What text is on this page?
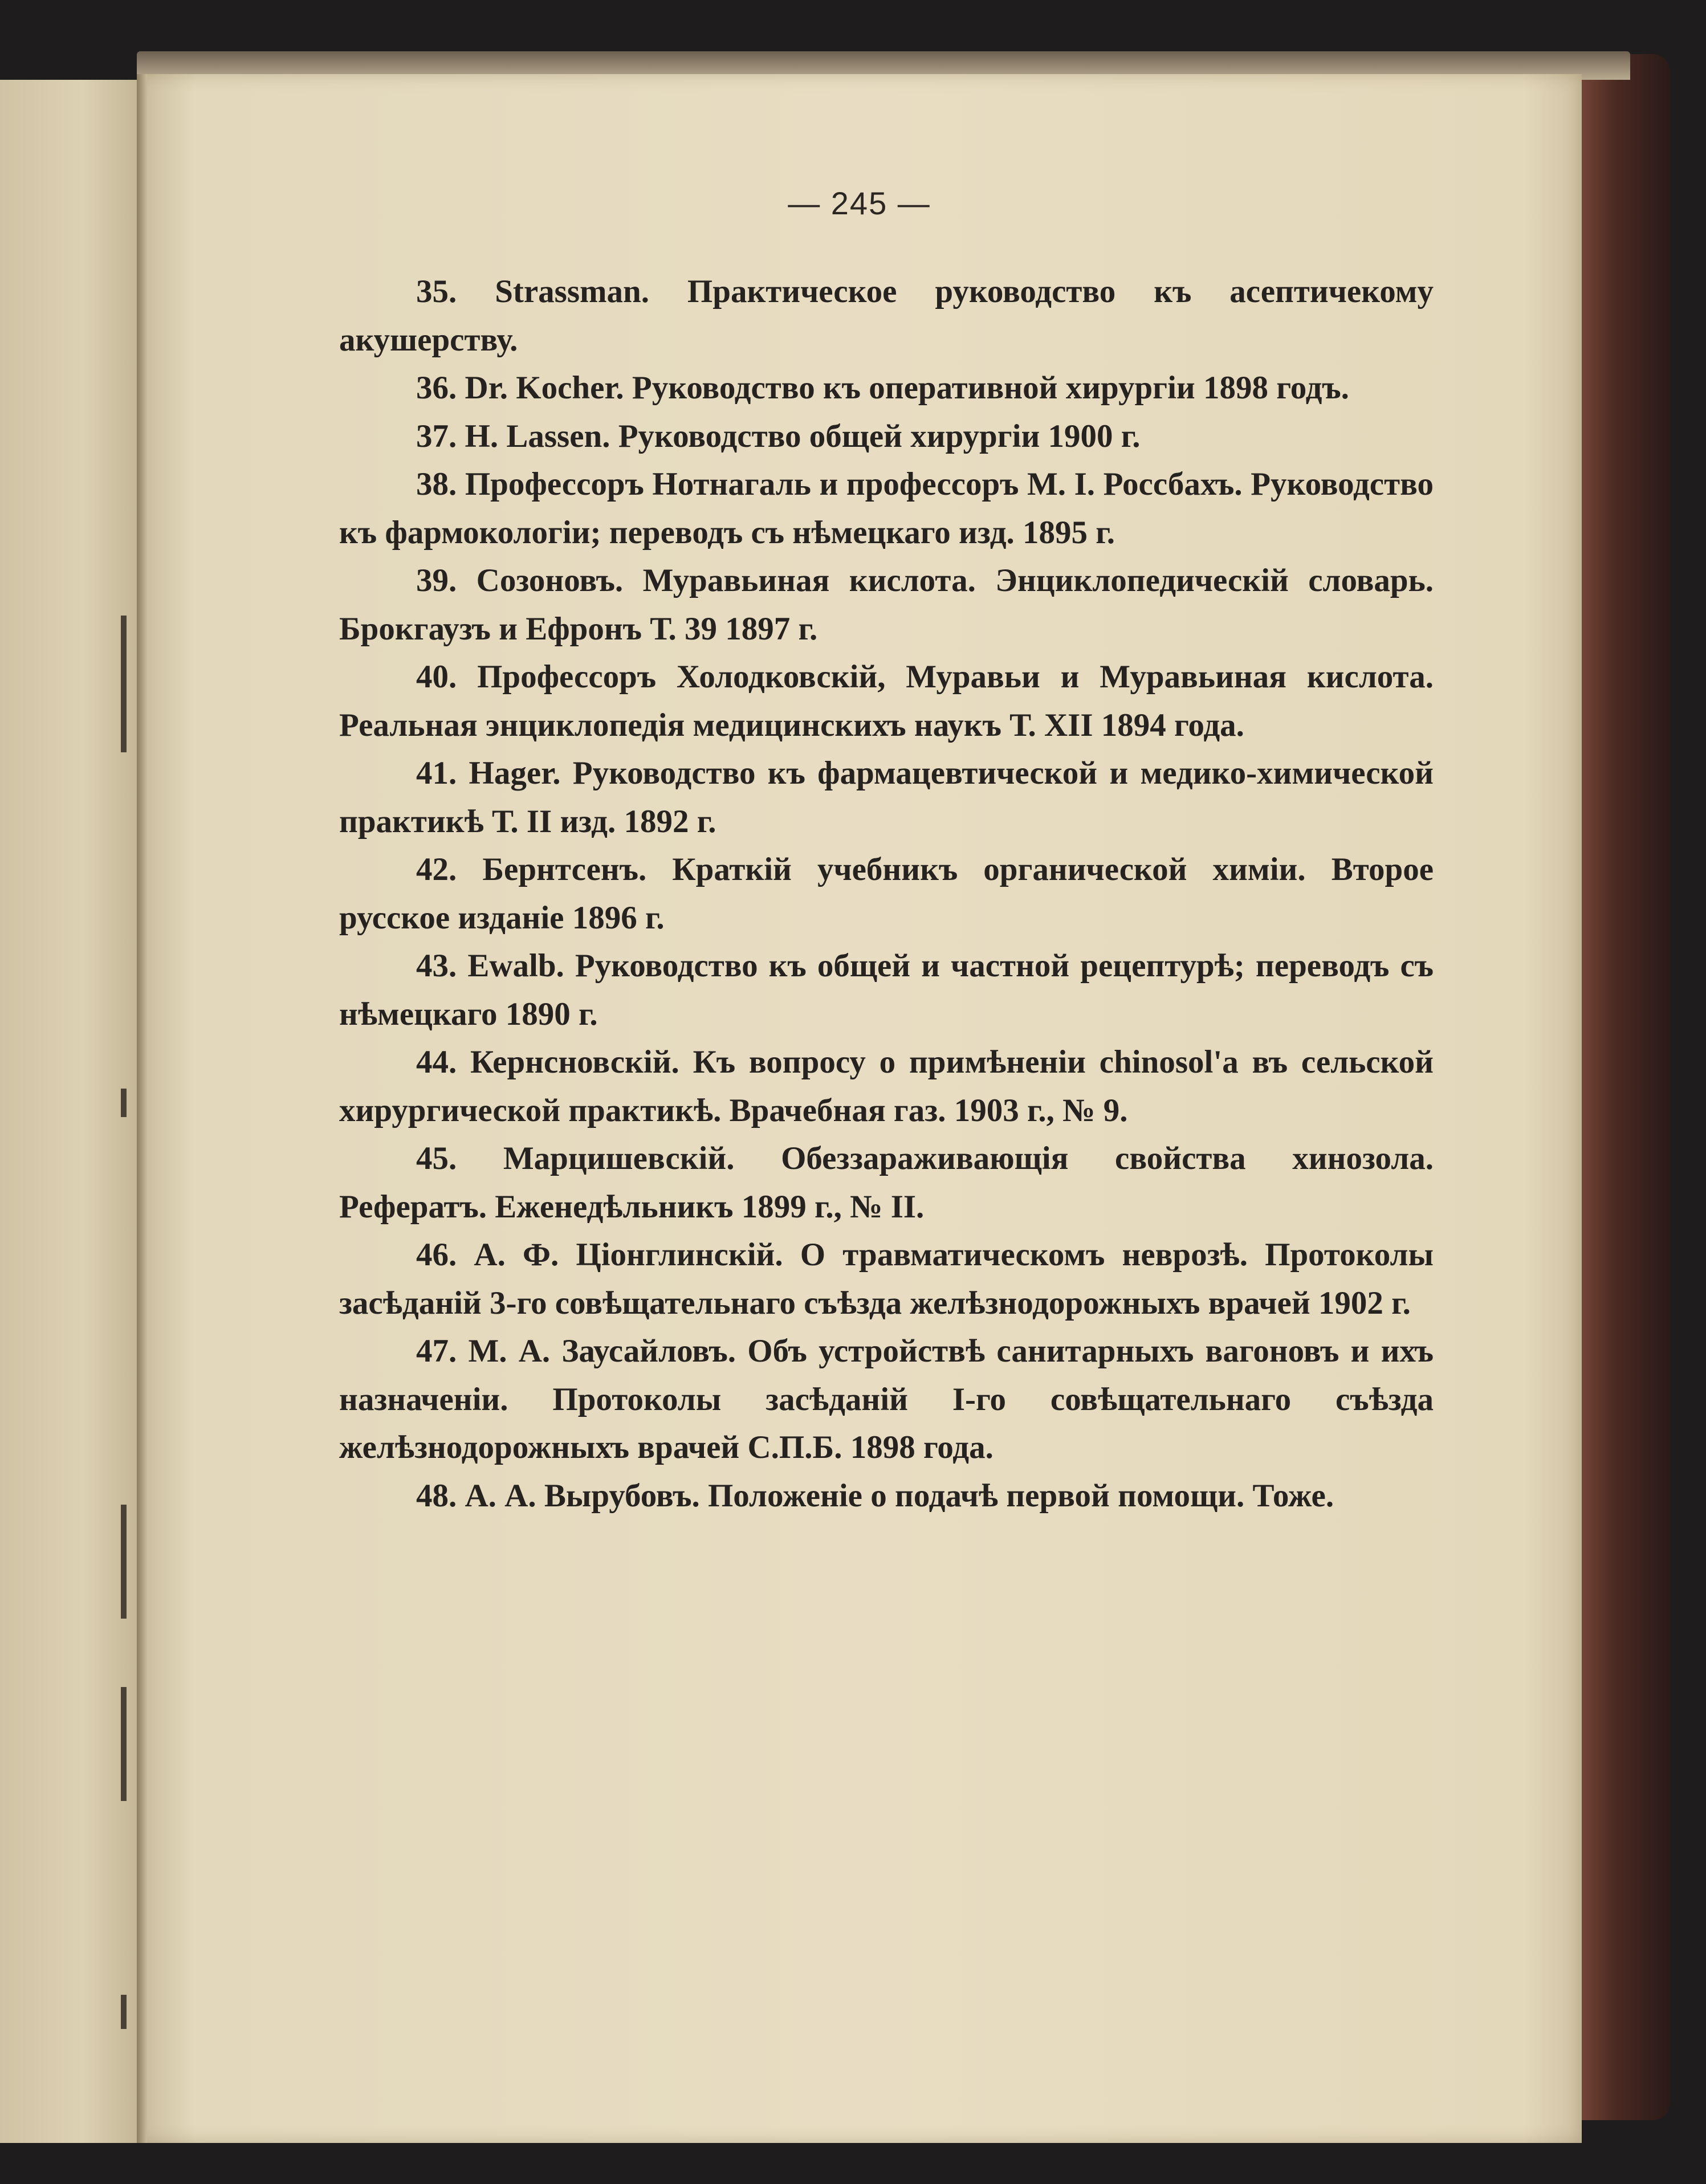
— 245 —

35. Strassman. Практическое руководство къ асептичекому акушерству.

36. Dr. Kocher. Руководство къ оперативной хирургiи 1898 годъ.

37. H. Lassen. Руководство общей хирургiи 1900 г.

38. Профессоръ Нотнагаль и профессоръ М. I. Россбахъ. Руководство къ фармокологiи; переводъ съ нѣмецкаго изд. 1895 г.

39. Созоновъ. Муравьиная кислота. Энциклопедическiй словарь. Брокгаузъ и Ефронъ Т. 39 1897 г.

40. Профессоръ Холодковскiй, Муравьи и Муравьиная кислота. Реальная энциклопедiя медицинскихъ наукъ Т. XII 1894 года.

41. Hager. Руководство къ фармацевтической и медико-химической практикѣ Т. II изд. 1892 г.

42. Бернтсенъ. Краткiй учебникъ органической химiи. Второе русское изданiе 1896 г.

43. Ewalb. Руководство къ общей и частной рецептурѣ; переводъ съ нѣмецкаго 1890 г.

44. Кернсновскiй. Къ вопросу о примѣненiи chinosol'а въ сельской хирургической практикѣ. Врачебная газ. 1903 г., № 9.

45. Марцишевскiй. Обеззараживающiя свойства хинозола. Рефератъ. Еженедѣльникъ 1899 г., № II.

46. А. Ф. Цiонглинскiй. О травматическомъ неврозѣ. Протоколы засѣданiй 3-го совѣщательнаго съѣзда желѣзнодорожныхъ врачей 1902 г.

47. М. А. Заусайловъ. Объ устройствѣ санитарныхъ вагоновъ и ихъ назначенiи. Протоколы засѣданiй I-го совѣщательнаго съѣзда желѣзнодорожныхъ врачей С.П.Б. 1898 года.

48. А. А. Вырубовъ. Положенiе о подачѣ первой помощи. Тоже.
